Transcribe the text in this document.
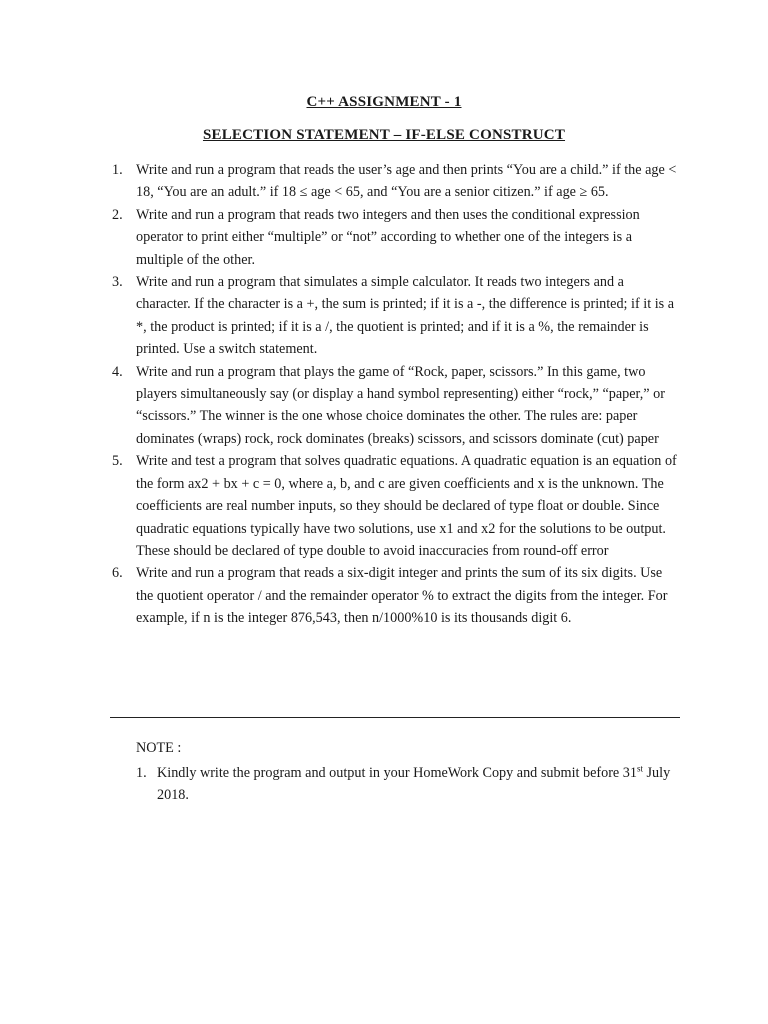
C++ ASSIGNMENT - 1
SELECTION STATEMENT – IF-ELSE CONSTRUCT
1. Write and run a program that reads the user’s age and then prints “You are a child.” if the age < 18, “You are an adult.” if 18 ≤ age < 65, and “You are a senior citizen.” if age ≥ 65.
2. Write and run a program that reads two integers and then uses the conditional expression operator to print either “multiple” or “not” according to whether one of the integers is a multiple of the other.
3. Write and run a program that simulates a simple calculator. It reads two integers and a character. If the character is a +, the sum is printed; if it is a -, the difference is printed; if it is a *, the product is printed; if it is a /, the quotient is printed; and if it is a %, the remainder is printed. Use a switch statement.
4. Write and run a program that plays the game of “Rock, paper, scissors.” In this game, two players simultaneously say (or display a hand symbol representing) either “rock,” “paper,” or “scissors.” The winner is the one whose choice dominates the other. The rules are: paper dominates (wraps) rock, rock dominates (breaks) scissors, and scissors dominate (cut) paper
5. Write and test a program that solves quadratic equations. A quadratic equation is an equation of the form ax2 + bx + c = 0, where a, b, and c are given coefficients and x is the unknown. The coefficients are real number inputs, so they should be declared of type float or double. Since quadratic equations typically have two solutions, use x1 and x2 for the solutions to be output. These should be declared of type double to avoid inaccuracies from round-off error
6. Write and run a program that reads a six-digit integer and prints the sum of its six digits. Use the quotient operator / and the remainder operator % to extract the digits from the integer. For example, if n is the integer 876,543, then n/1000%10 is its thousands digit 6.
NOTE :
1. Kindly write the program and output in your HomeWork Copy and submit before 31st July 2018.
